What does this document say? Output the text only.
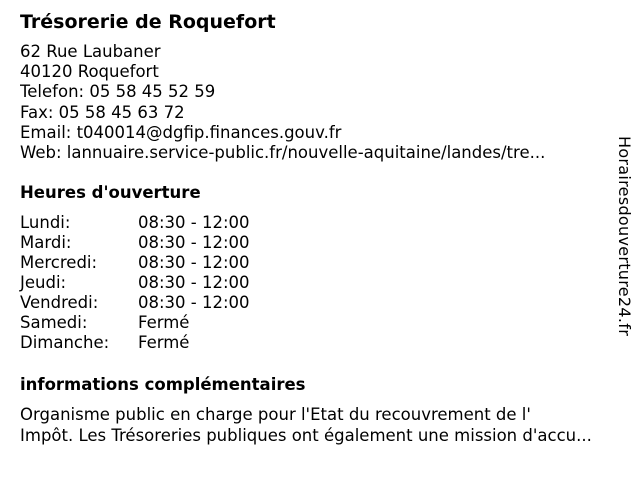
Trésorerie de Roquefort
62 Rue Laubaner
40120 Roquefort
Telefon: 05 58 45 52 59
Fax: 05 58 45 63 72
Email: t040014@dgfip.finances.gouv.fr
Web: lannuaire.service-public.fr/nouvelle-aquitaine/landes/tre...
Heures d'ouverture
Lundi:	08:30 - 12:00
Mardi:	08:30 - 12:00
Mercredi: 08:30 - 12:00
Jeudi:	08:30 - 12:00
Vendredi: 08:30 - 12:00
Samedi:	Fermé
Dimanche: Fermé
informations complémentaires
Organisme public en charge pour l'Etat du recouvrement de l'
Impôt. Les Trésoreries publiques ont également une mission d'accu...
Horairesdouverture24.fr
